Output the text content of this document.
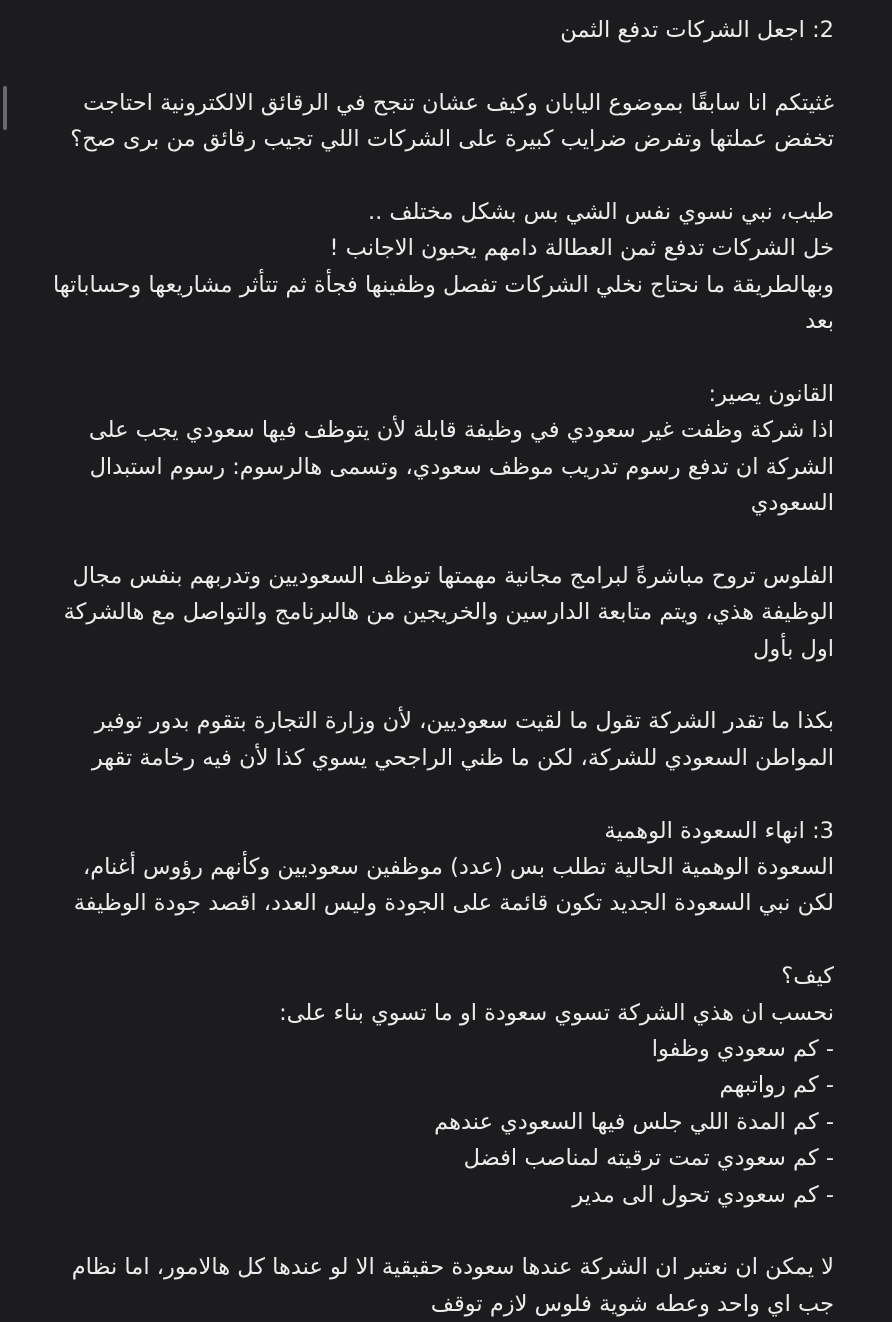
2: اجعل الشركات تدفع الثمن
غثيتكم انا سابقًا بموضوع اليابان وكيف عشان تنجح في الرقائق الالكترونية احتاجت
تخفض عملتها وتفرض ضرايب كبيرة على الشركات اللي تجيب رقائق من برى صح؟
طيب، نبي نسوي نفس الشي بس بشكل مختلف ..
خل الشركات تدفع ثمن العطالة دامهم يحبون الاجانب !
وبهالطريقة ما نحتاج نخلي الشركات تفصل وظفينها فجأة ثم تتأثر مشاريعها وحساباتها
بعد
القانون يصير:
اذا شركة وظفت غير سعودي في وظيفة قابلة لأن يتوظف فيها سعودي يجب على
الشركة ان تدفع رسوم تدريب موظف سعودي، وتسمى هالرسوم: رسوم استبدال
السعودي
الفلوس تروح مباشرةً لبرامج مجانية مهمتها توظف السعوديين وتدربهم بنفس مجال
الوظيفة هذي، ويتم متابعة الدارسين والخريجين من هالبرنامج والتواصل مع هالشركة
اول بأول
بكذا ما تقدر الشركة تقول ما لقيت سعوديين، لأن وزارة التجارة بتقوم بدور توفير
المواطن السعودي للشركة، لكن ما ظني الراجحي يسوي كذا لأن فيه رخامة تقهر
3: انهاء السعودة الوهمية
السعودة الوهمية الحالية تطلب بس (عدد) موظفين سعوديين وكأنهم رؤوس أغنام،
لكن نبي السعودة الجديد تكون قائمة على الجودة وليس العدد، اقصد جودة الوظيفة
كيف؟
نحسب ان هذي الشركة تسوي سعودة او ما تسوي بناء على:
- كم سعودي وظفوا
- كم رواتبهم
- كم المدة اللي جلس فيها السعودي عندهم
- كم سعودي تمت ترقيته لمناصب افضل
- كم سعودي تحول الى مدير
لا يمكن ان نعتبر ان الشركة عندها سعودة حقيقية الا لو عندها كل هالامور، اما نظام
جب اي واحد وعطه شوية فلوس لازم توقف
